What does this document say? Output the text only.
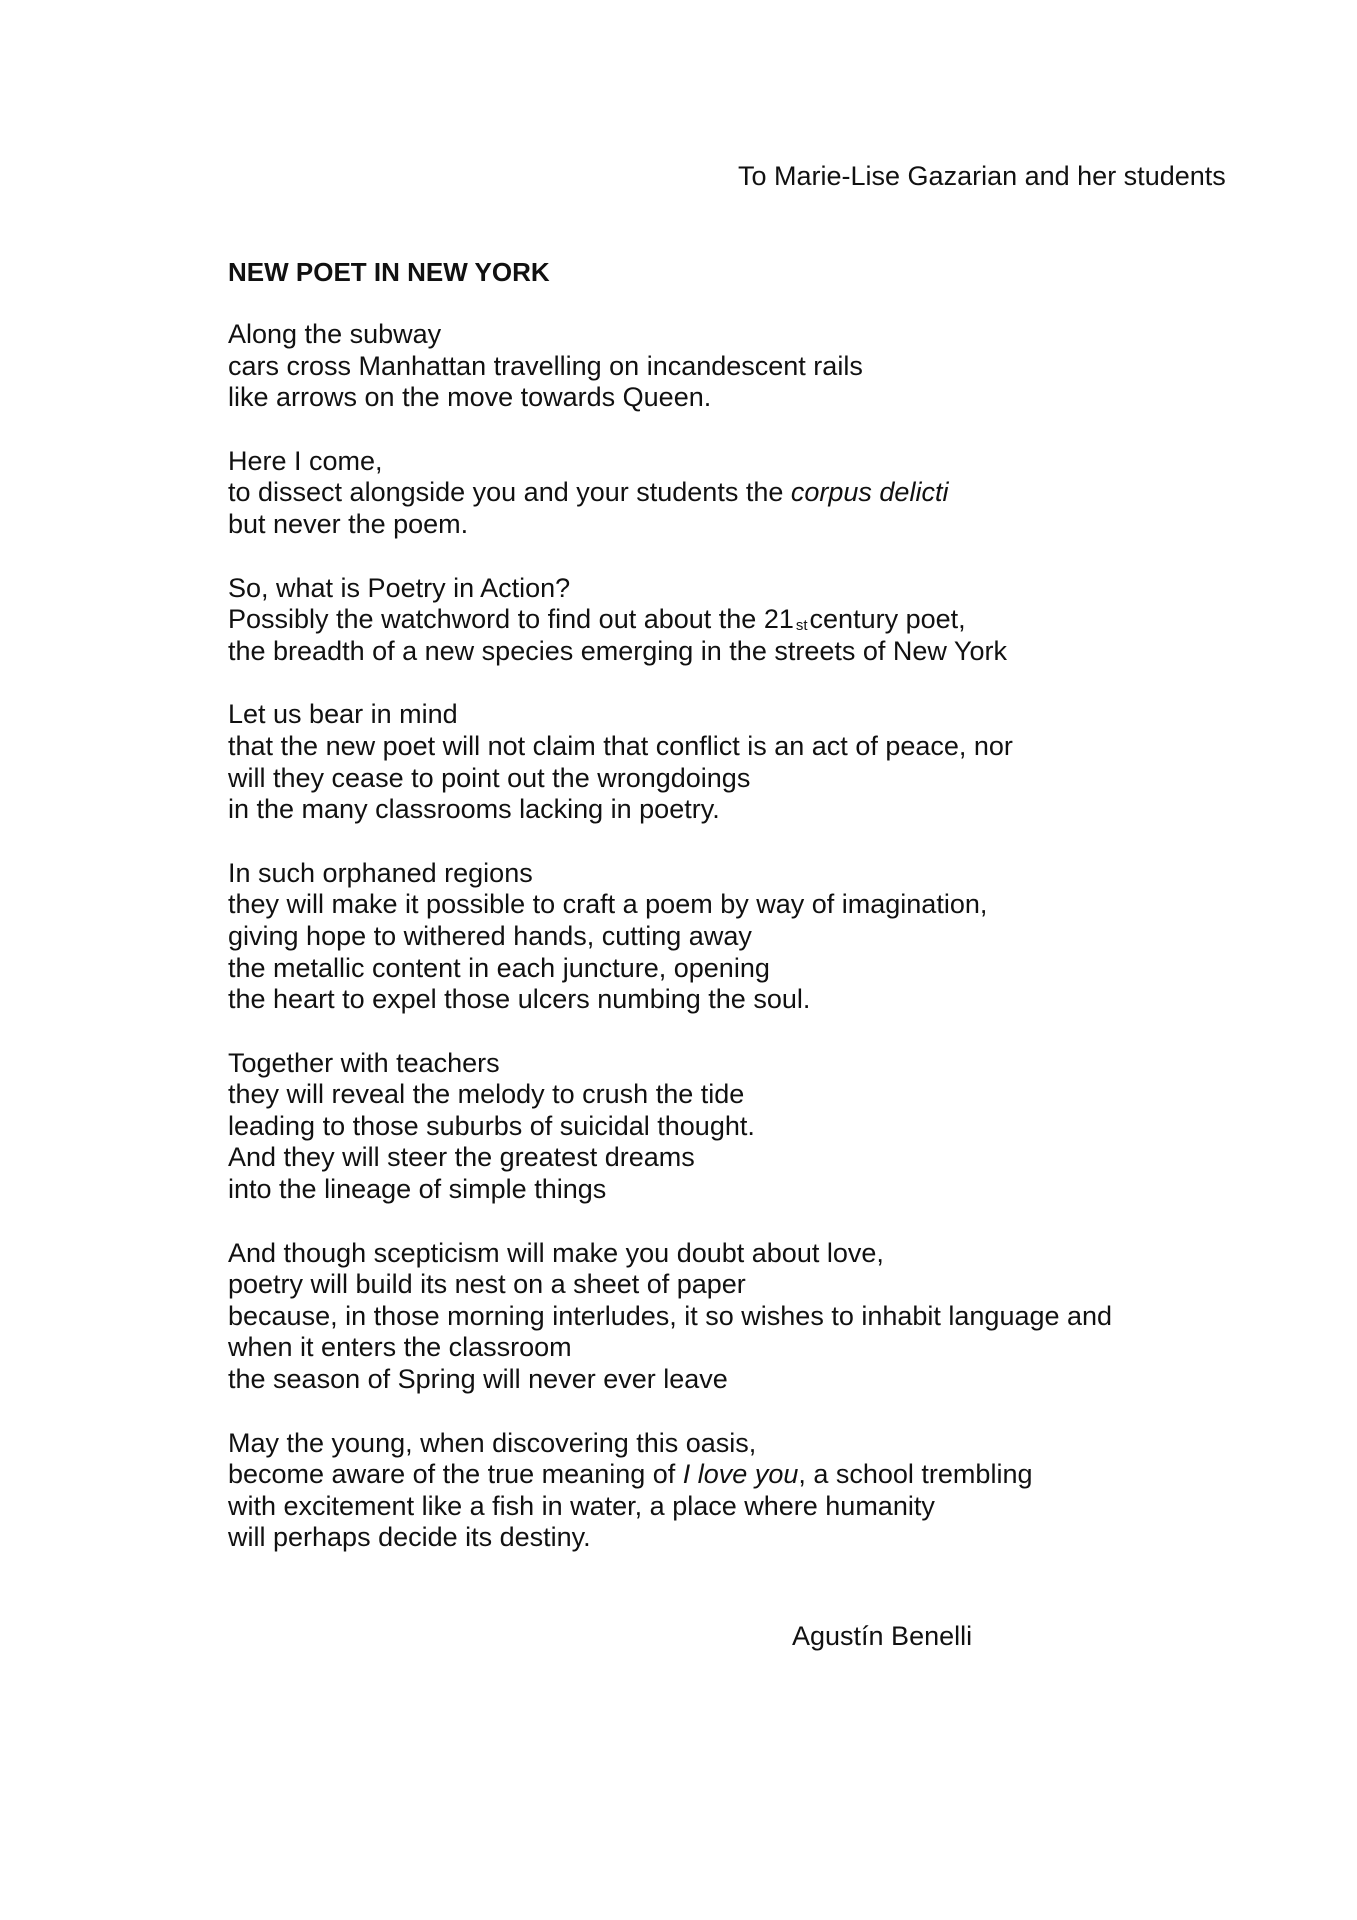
To Marie-Lise Gazarian and her students
NEW POET IN NEW YORK
Along the subway
cars cross Manhattan travelling on incandescent rails
like arrows on the move towards Queen.
Here I come,
to dissect alongside you and your students the corpus delicti
but never the poem.
So, what is Poetry in Action?
Possibly the watchword to find out about the 21 $^{st}$century poet,
the breadth of a new species emerging in the streets of New York
Let us bear in mind
that the new poet will not claim that conflict is an act of peace, nor
will they cease to point out the wrongdoings
in the many classrooms lacking in poetry.
In such orphaned regions
they will make it possible to craft a poem by way of imagination,
giving hope to withered hands, cutting away
the metallic content in each juncture, opening
the heart to expel those ulcers numbing the soul.
Together with teachers
they will reveal the melody to crush the tide
leading to those suburbs of suicidal thought.
And they will steer the greatest dreams
into the lineage of simple things
And though scepticism will make you doubt about love,
poetry will build its nest on a sheet of paper
because, in those morning interludes, it so wishes to inhabit language and
when it enters the classroom
the season of Spring will never ever leave
May the young, when discovering this oasis,
become aware of the true meaning of I love you, a school trembling
with excitement like a fish in water, a place where humanity
will perhaps decide its destiny.
Agustín Benelli
